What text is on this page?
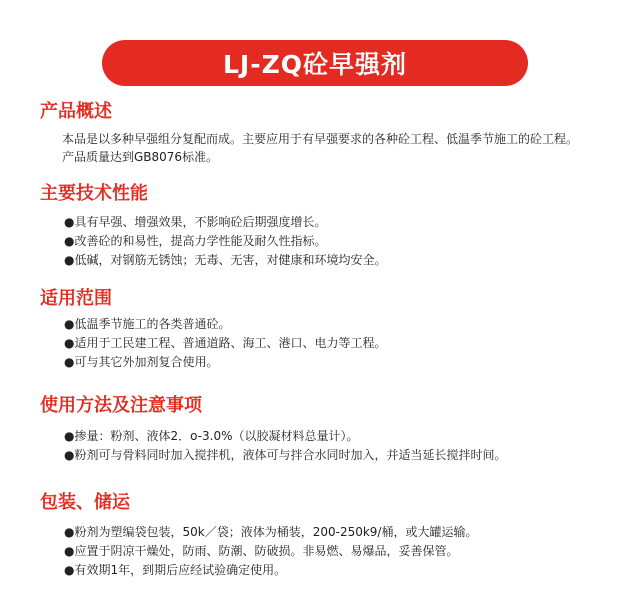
LJ-ZQ砼早强剂
产品概述

本品是以多种早强组分复配而成。主要应用于有早强要求的各种砼工程、低温季节施工的砼工程。产品质量达到GB8076标准。

主要技术性能
●具有早强、增强效果，不影响砼后期强度增长。
●改善砼的和易性，提高力学性能及耐久性指标。
●低碱，对钢筋无锈蚀；无毒、无害，对健康和环境均安全。
适用范围
●低温季节施工的各类普通砼。
●适用于工民建工程、普通道路、海工、港口、电力等工程。
●可与其它外加剂复合使用。
使用方法及注意事项
●掺量：粉剂、液体2．o-3.0%（以胶凝材料总量计）。
●粉剂可与骨料同时加入搅拌机，液体可与拌合水同时加入，并适当延长搅拌时间。
包装、储运
●粉剂为塑编袋包装，50k／袋；液体为桶装，200-250k9/桶，或大罐运输。
●应置于阴凉干燥处，防雨、防潮、防破损。非易燃、易爆品，妥善保管。
●有效期1年，到期后应经试验确定使用。
